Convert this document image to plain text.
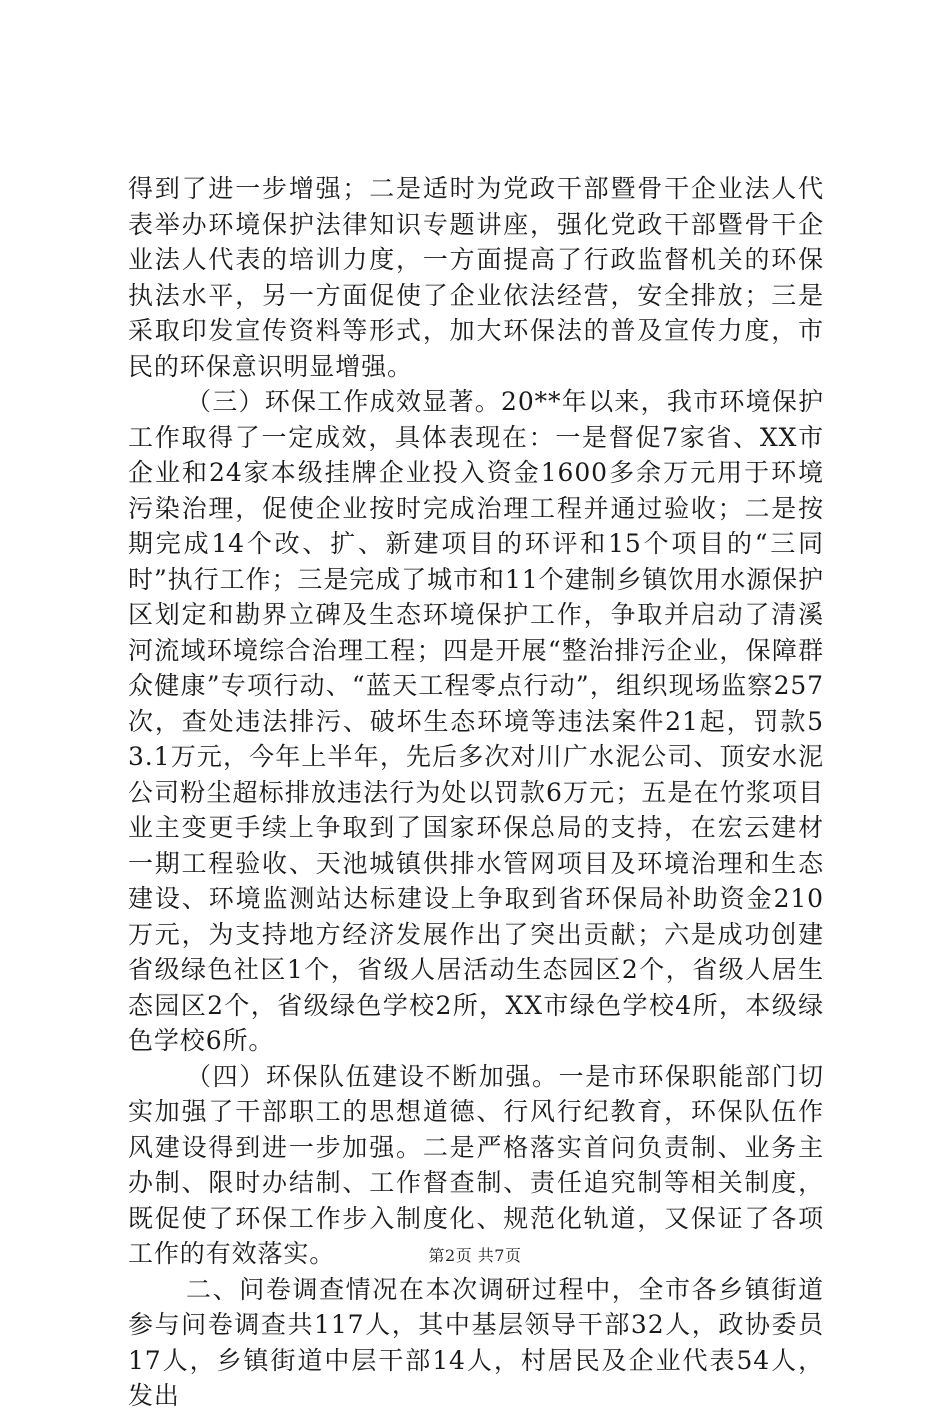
得到了进一步增强；二是适时为党政干部暨骨干企业法人代表举办环境保护法律知识专题讲座，强化党政干部暨骨干企业法人代表的培训力度，一方面提高了行政监督机关的环保执法水平，另一方面促使了企业依法经营，安全排放；三是采取印发宣传资料等形式，加大环保法的普及宣传力度，市民的环保意识明显增强。

（三）环保工作成效显著。20**年以来，我市环境保护工作取得了一定成效，具体表现在：一是督促7家省、XX市企业和24家本级挂牌企业投入资金1600多余万元用于环境污染治理，促使企业按时完成治理工程并通过验收；二是按期完成14个改、扩、新建项目的环评和15个项目的“三同时”执行工作；三是完成了城市和11个建制乡镇饮用水源保护区划定和勘界立碑及生态环境保护工作，争取并启动了清溪河流域环境综合治理工程；四是开展“整治排污企业，保障群众健康”专项行动、“蓝天工程零点行动”，组织现场监察257次，查处违法排污、破坏生态环境等违法案件21起，罚款53.1万元，今年上半年，先后多次对川广水泥公司、顶安水泥公司粉尘超标排放违法行为处以罚款6万元；五是在竹浆项目业主变更手续上争取到了国家环保总局的支持，在宏云建材一期工程验收、天池城镇供排水管网项目及环境治理和生态建设、环境监测站达标建设上争取到省环保局补助资金210万元，为支持地方经济发展作出了突出贡献；六是成功创建省级绿色社区1个，省级人居活动生态园区2个，省级人居生态园区2个，省级绿色学校2所，XX市绿色学校4所，本级绿色学校6所。

（四）环保队伍建设不断加强。一是市环保职能部门切实加强了干部职工的思想道德、行风行纪教育，环保队伍作风建设得到进一步加强。二是严格落实首问负责制、业务主办制、限时办结制、工作督查制、责任追究制等相关制度，既促使了环保工作步入制度化、规范化轨道，又保证了各项工作的有效落实。

二、问卷调查情况在本次调研过程中，全市各乡镇街道参与问卷调查共117人，其中基层领导干部32人，政协委员17人，乡镇街道中层干部14人，村居民及企业代表54人，发出

第2页 共7页
